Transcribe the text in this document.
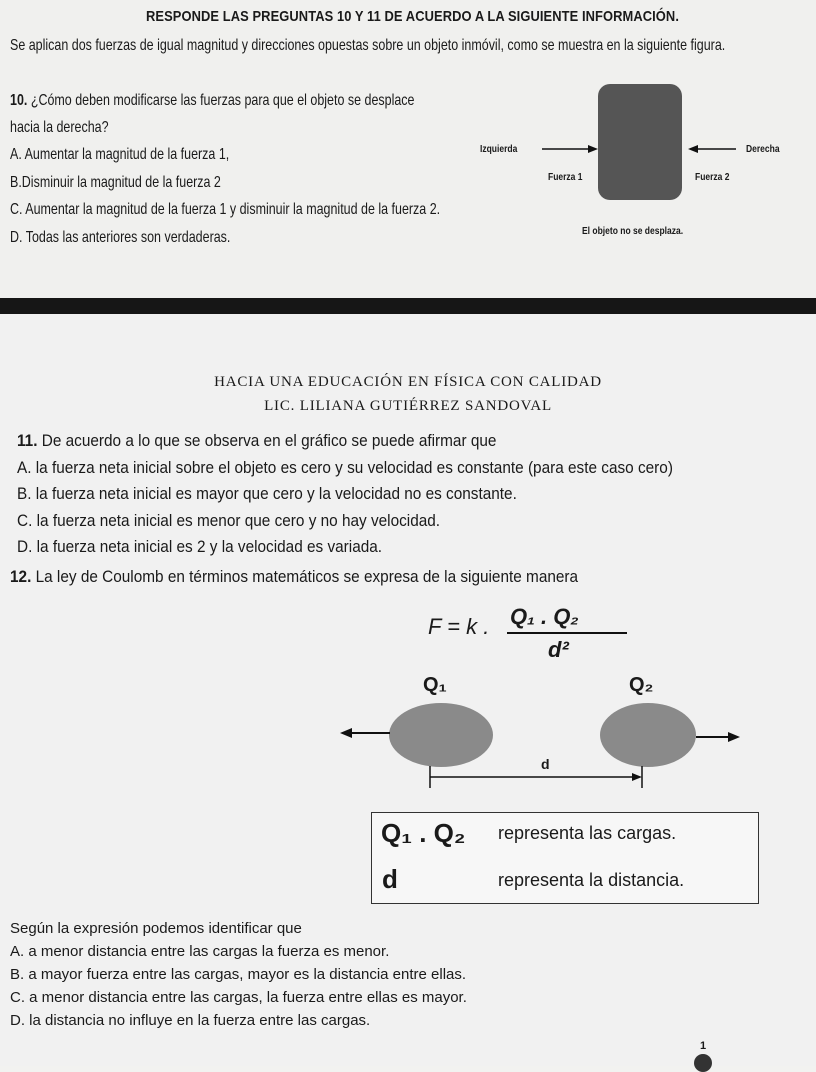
RESPONDE LAS PREGUNTAS 10 Y 11 DE ACUERDO A LA SIGUIENTE INFORMACIÓN.
Se aplican dos fuerzas de igual magnitud y direcciones opuestas sobre un objeto inmóvil, como se muestra en la siguiente figura.
10. ¿Cómo deben modificarse las fuerzas para que el objeto se desplace
hacia la derecha?
A. Aumentar la magnitud de la fuerza 1,
B.Disminuir la magnitud de la fuerza 2
C. Aumentar la magnitud de la fuerza 1 y disminuir la magnitud de la fuerza 2.
D. Todas las anteriores son verdaderas.
Izquierda	Derecha
Fuerza 1	Fuerza 2
El objeto no se desplaza.
HACIA UNA EDUCACIÓN EN FÍSICA CON CALIDAD
LIC. LILIANA GUTIÉRREZ SANDOVAL
11. De acuerdo a lo que se observa en el gráfico se puede afirmar que
A. la fuerza neta inicial sobre el objeto es cero y su velocidad es constante (para este caso cero)
B. la fuerza neta inicial es mayor que cero y la velocidad no es constante.
C. la fuerza neta inicial es menor que cero y no hay velocidad.
D. la fuerza neta inicial es 2 y la velocidad es variada.
12. La ley de Coulomb en términos matemáticos se expresa de la siguiente manera
F = k . Q₁ . Q₂
d²
Q₁	Q₂
d
Q₁ . Q₂ representa las cargas.
d	representa la distancia.
Según la expresión podemos identificar que
A. a menor distancia entre las cargas la fuerza es menor.
B. a mayor fuerza entre las cargas, mayor es la distancia entre ellas.
C. a menor distancia entre las cargas, la fuerza entre ellas es mayor.
D. la distancia no influye en la fuerza entre las cargas.
1
